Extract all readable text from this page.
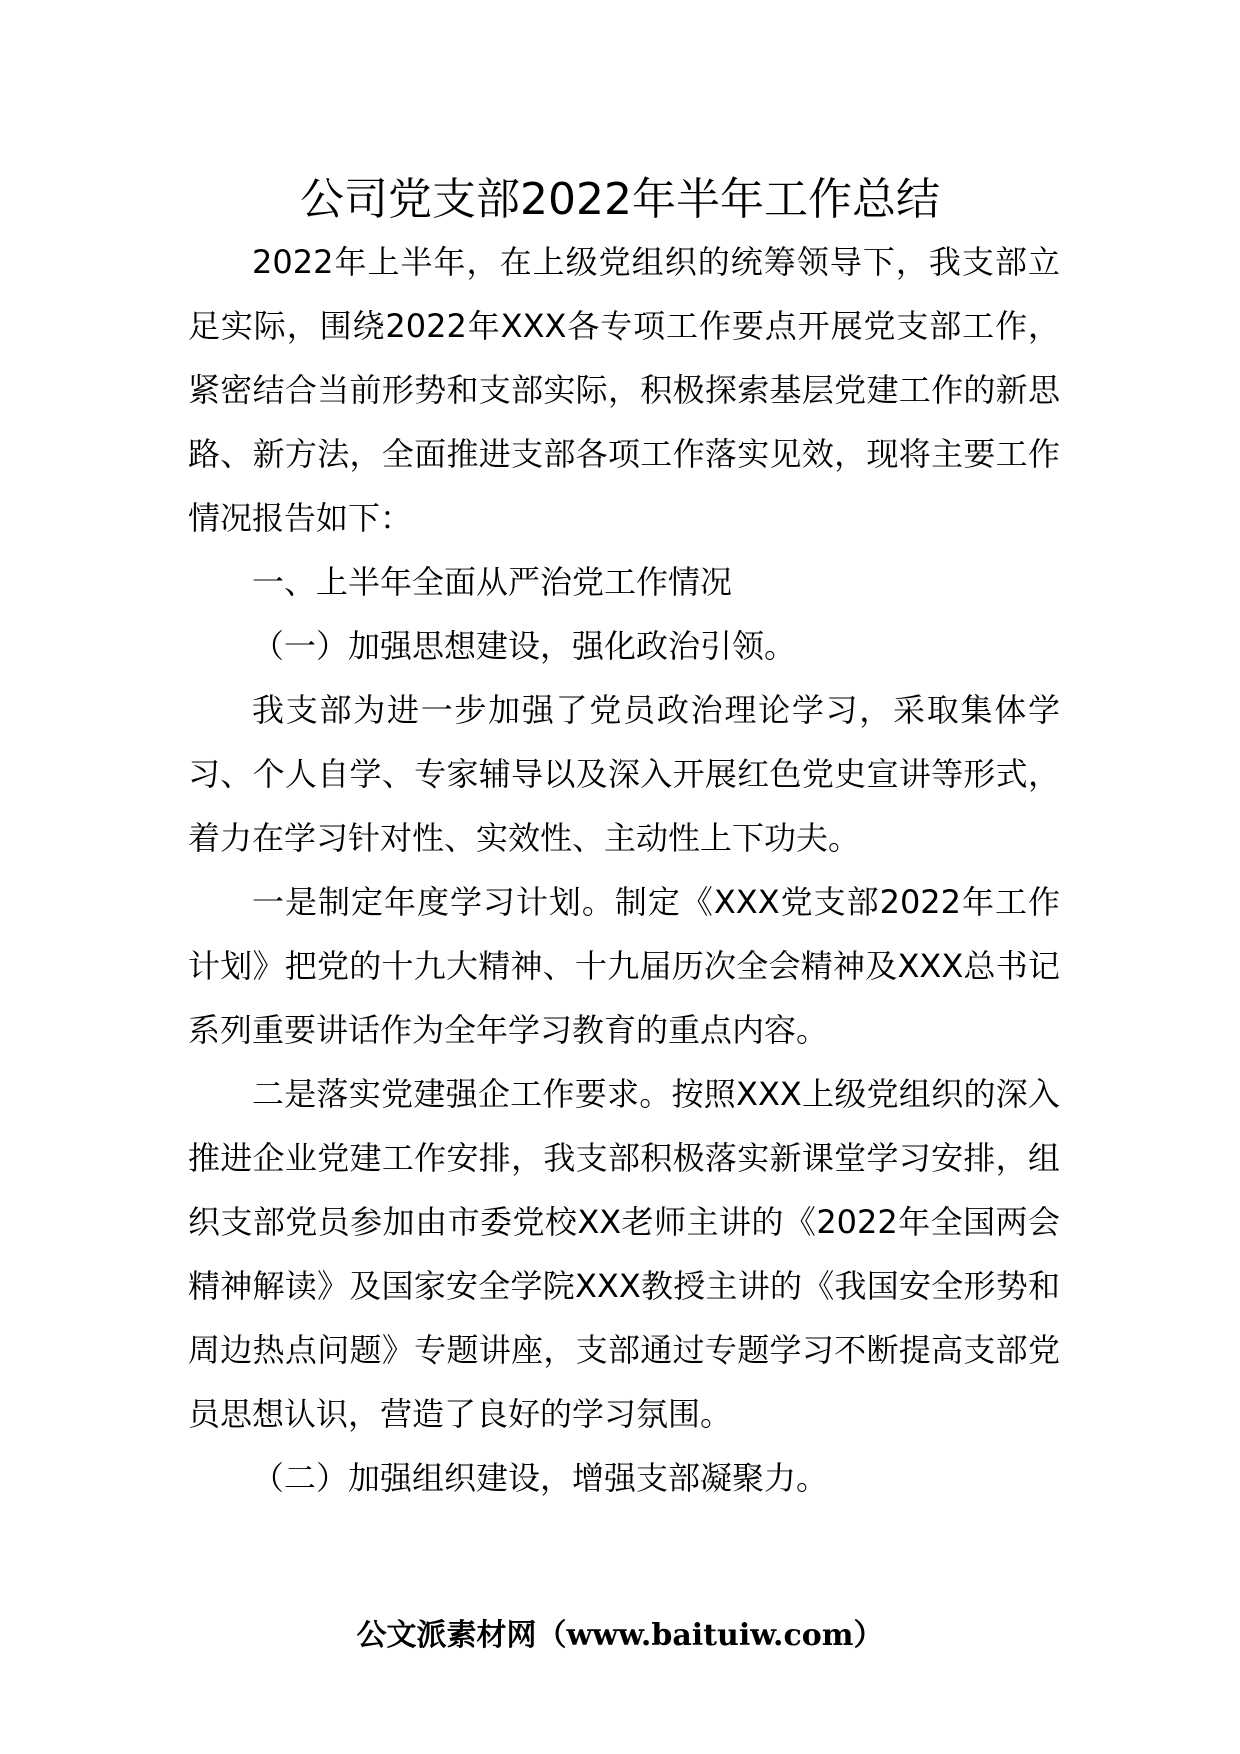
公司党支部2022年半年工作总结

2022年上半年，在上级党组织的统筹领导下，我支部立足实际，围绕2022年XXX各专项工作要点开展党支部工作，紧密结合当前形势和支部实际，积极探索基层党建工作的新思路、新方法，全面推进支部各项工作落实见效，现将主要工作情况报告如下：

一、上半年全面从严治党工作情况

（一）加强思想建设，强化政治引领。

我支部为进一步加强了党员政治理论学习，采取集体学习、个人自学、专家辅导以及深入开展红色党史宣讲等形式，着力在学习针对性、实效性、主动性上下功夫。

一是制定年度学习计划。制定《XXX党支部2022年工作计划》把党的十九大精神、十九届历次全会精神及XXX总书记系列重要讲话作为全年学习教育的重点内容。

二是落实党建强企工作要求。按照XXX上级党组织的深入推进企业党建工作安排，我支部积极落实新课堂学习安排，组织支部党员参加由市委党校XX老师主讲的《2022年全国两会精神解读》及国家安全学院XXX教授主讲的《我国安全形势和周边热点问题》专题讲座，支部通过专题学习不断提高支部党员思想认识，营造了良好的学习氛围。

（二）加强组织建设，增强支部凝聚力。

公文派素材网（www.baituiw.com）
